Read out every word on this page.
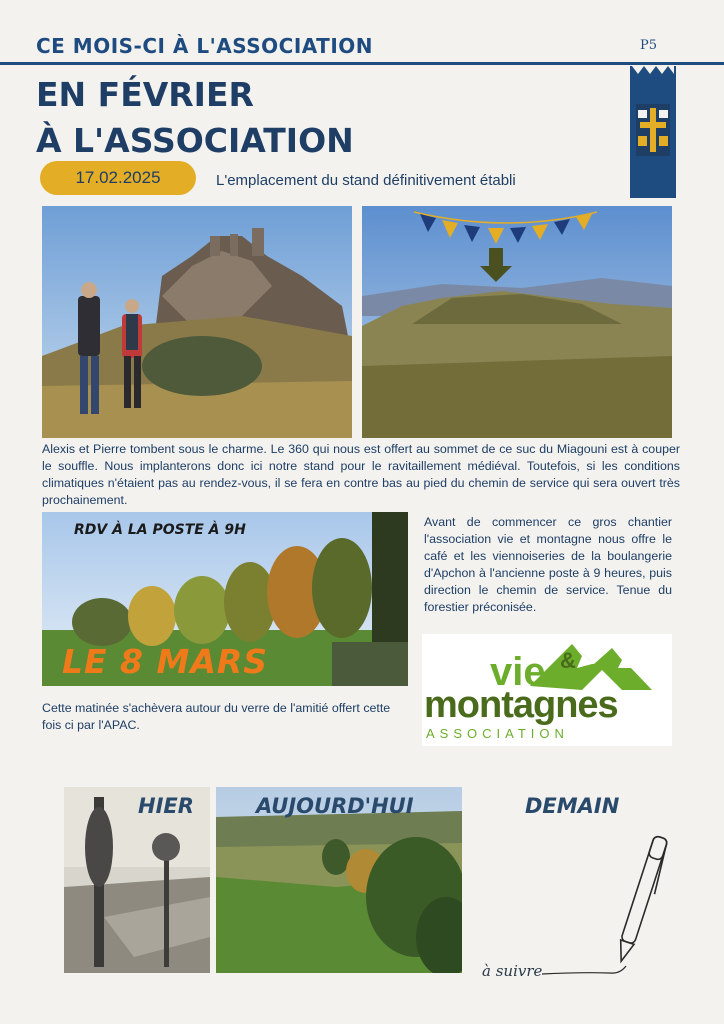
CE MOIS-CI À L'ASSOCIATION	P5
EN FÉVRIER
À L'ASSOCIATION
17.02.2025	L'emplacement du stand définitivement établi

Alexis et Pierre tombent sous le charme. Le 360 qui nous est offert au sommet de ce suc du Miagouni est à couper le souffle. Nous implanterons donc ici notre stand pour le ravitaillement médiéval. Toutefois, si les conditions climatiques n'étaient pas au rendez-vous, il se fera en contre bas au pied du chemin de service qui sera ouvert très prochainement.

RDV À LA POSTE À 9H
LE 8 MARS

Avant de commencer ce gros chantier l'association vie et montagne nous offre le café et les viennoiseries de la boulangerie d'Apchon à l'ancienne poste à 9 heures, puis direction le chemin de service. Tenue du forestier préconisée.

vie &
montagnes
ASSOCIATION

Cette matinée s'achèvera autour du verre de l'amitié offert cette fois ci par l'APAC.

HIER	AUJOURD'HUI	DEMAIN
à suivre
